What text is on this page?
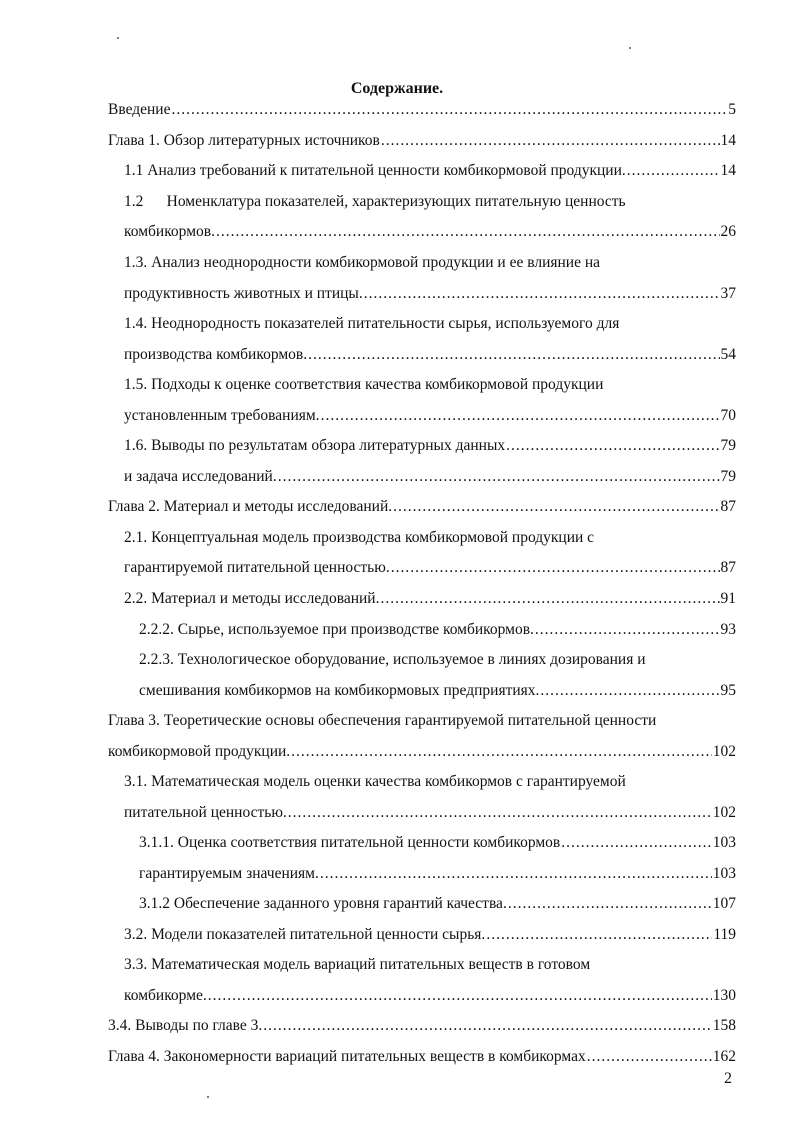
Содержание.
Введение .....	5
Глава 1. Обзор литературных источников .....	14
1.1 Анализ требований к питательной ценности комбикормовой продукции. .....	14
1.2      Номенклатура показателей, характеризующих питательную ценность
комбикормов. .....	26
1.3. Анализ неоднородности комбикормовой продукции и ее влияние на
продуктивность животных и птицы. .....	37
1.4. Неоднородность показателей питательности сырья, используемого для
производства комбикормов. .....	54
1.5. Подходы к оценке соответствия качества комбикормовой продукции
установленным требованиям. .....	70
1.6. Выводы по результатам обзора литературных данных .....	79
и задача исследований. .....	79
Глава 2. Материал и методы исследований. .....	87
2.1. Концептуальная модель производства комбикормовой продукции с
гарантируемой питательной ценностью. .....	87
2.2. Материал и методы исследований. .....	91
2.2.2. Сырье, используемое при производстве комбикормов. .....	93
2.2.3. Технологическое оборудование, используемое в линиях дозирования и
смешивания комбикормов на комбикормовых предприятиях. .....	95
Глава 3. Теоретические основы обеспечения гарантируемой питательной ценности
комбикормовой продукции. .....	102
3.1. Математическая модель оценки качества комбикормов с гарантируемой
питательной ценностью. .....	102
3.1.1. Оценка соответствия питательной ценности комбикормов .....	103
гарантируемым значениям. .....	103
3.1.2 Обеспечение заданного уровня гарантий качества. .....	107
3.2. Модели показателей питательной ценности сырья. .....	119
3.3. Математическая модель вариаций питательных веществ в готовом
комбикорме. .....	130
3.4. Выводы по главе 3. .....	158
Глава 4. Закономерности вариаций питательных веществ в комбикормах .....	162
2
